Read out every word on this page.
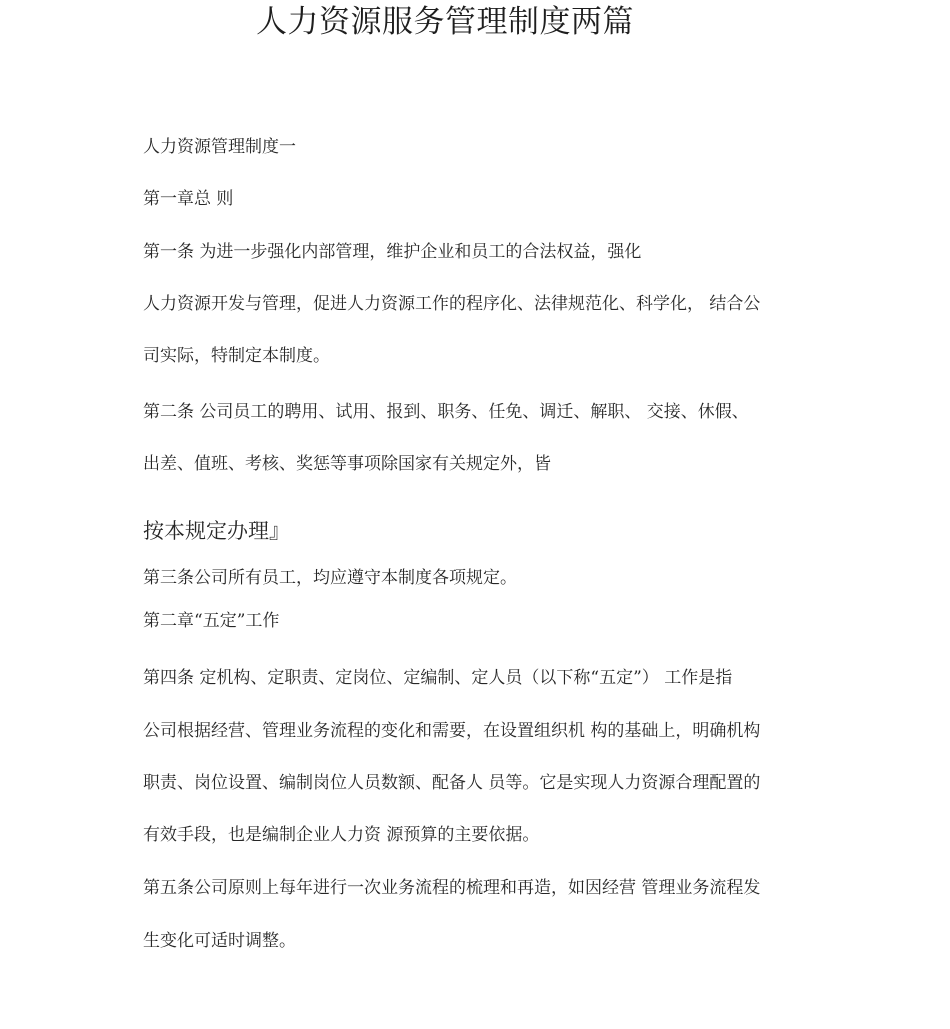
人力资源服务管理制度两篇
人力资源管理制度一
第一章总 则
第一条 为进一步强化内部管理，维护企业和员工的合法权益，强化
人力资源开发与管理，促进人力资源工作的程序化、法律规范化、科学化， 结合公
司实际，特制定本制度。
第二条 公司员工的聘用、试用、报到、职务、任免、调迁、解职、 交接、休假、
出差、值班、考核、奖惩等事项除国家有关规定外，皆
按本规定办理』
第三条公司所有员工，均应遵守本制度各项规定。
第二章“五定”工作
第四条 定机构、定职责、定岗位、定编制、定人员（以下称“五定”） 工作是指
公司根据经营、管理业务流程的变化和需要，在设置组织机 构的基础上，明确机构
职责、岗位设置、编制岗位人员数额、配备人 员等。它是实现人力资源合理配置的
有效手段，也是编制企业人力资 源预算的主要依据。
第五条公司原则上每年进行一次业务流程的梳理和再造，如因经营 管理业务流程发
生变化可适时调整。
